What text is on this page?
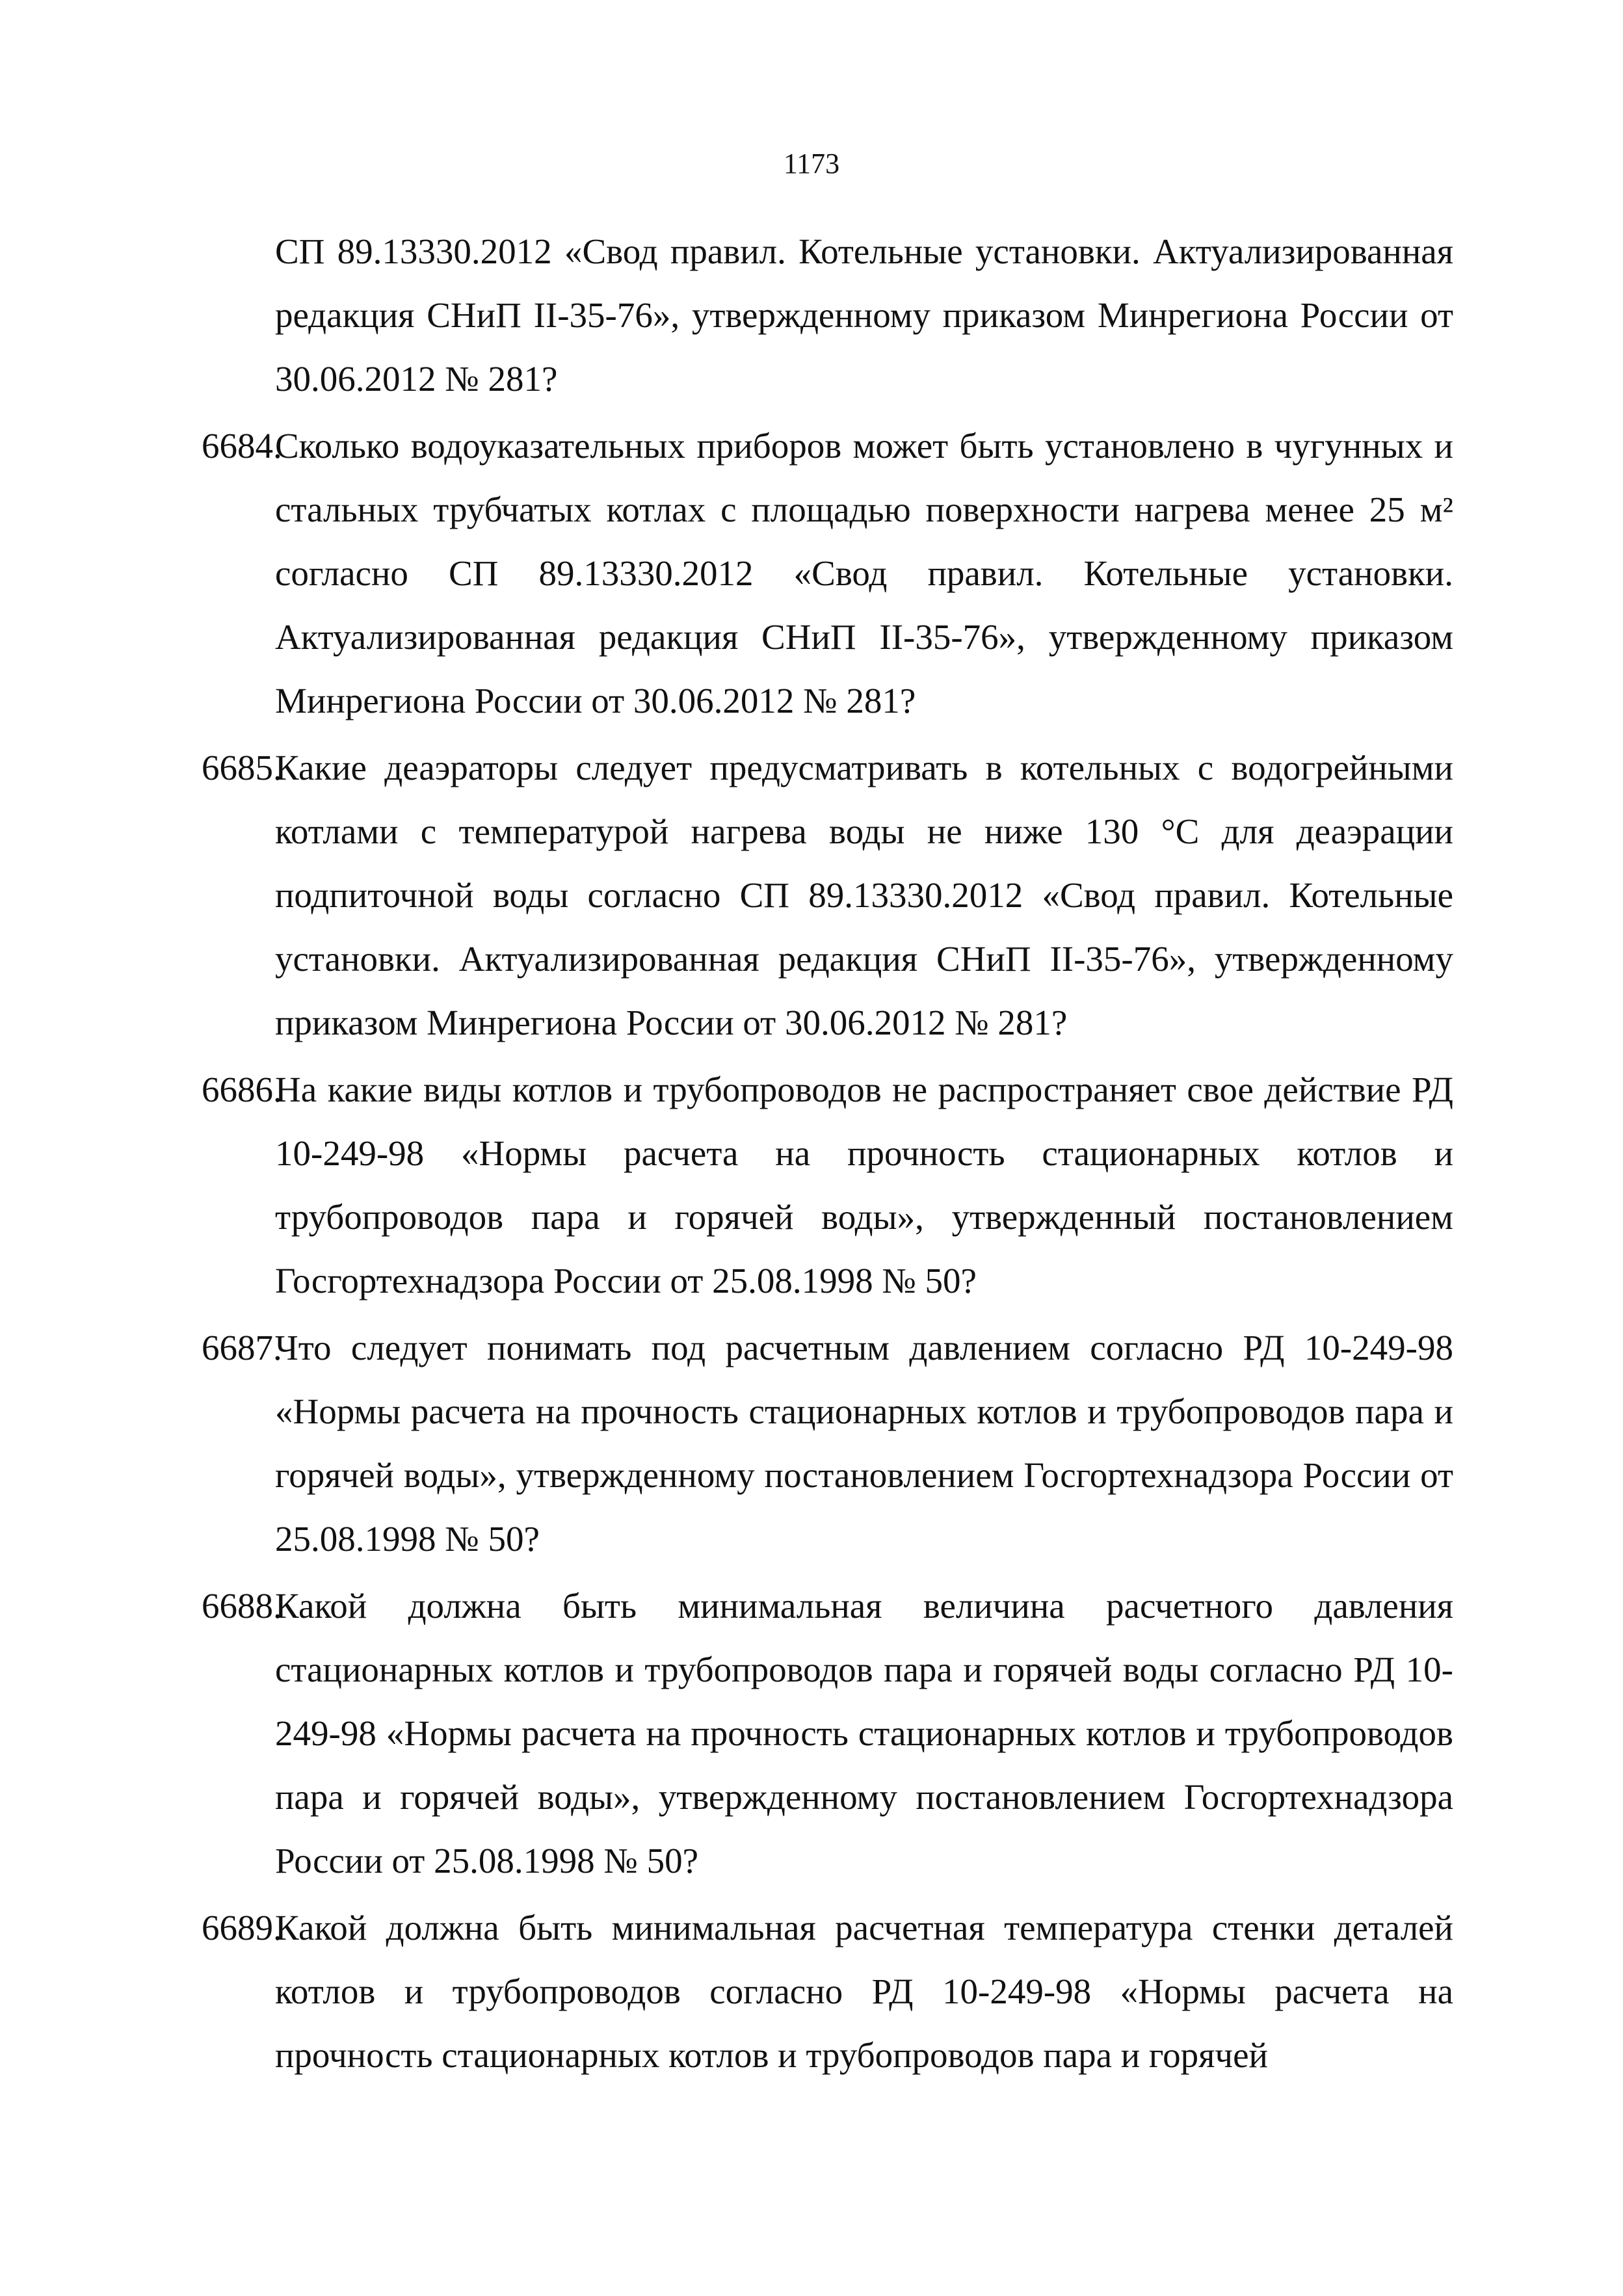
1173

СП 89.13330.2012 «Свод правил. Котельные установки. Актуализированная редакция СНиП II-35-76», утвержденному приказом Минрегиона России от 30.06.2012 № 281?

6684.
Сколько водоуказательных приборов может быть установлено в чугунных и стальных трубчатых котлах с площадью поверхности нагрева менее 25 м² согласно СП 89.13330.2012 «Свод правил. Котельные установки. Актуализированная редакция СНиП II-35-76», утвержденному приказом Минрегиона России от 30.06.2012 № 281?

6685.
Какие деаэраторы следует предусматривать в котельных с водогрейными котлами с температурой нагрева воды не ниже 130 °С для деаэрации подпиточной воды согласно СП 89.13330.2012 «Свод правил. Котельные установки. Актуализированная редакция СНиП II-35-76», утвержденному приказом Минрегиона России от 30.06.2012 № 281?

6686.
На какие виды котлов и трубопроводов не распространяет свое действие РД 10-249-98 «Нормы расчета на прочность стационарных котлов и трубопроводов пара и горячей воды», утвержденный постановлением Госгортехнадзора России от 25.08.1998 № 50?

6687.
Что следует понимать под расчетным давлением согласно РД 10-249-98 «Нормы расчета на прочность стационарных котлов и трубопроводов пара и горячей воды», утвержденному постановлением Госгортехнадзора России от 25.08.1998 № 50?

6688.
Какой должна быть минимальная величина расчетного давления стационарных котлов и трубопроводов пара и горячей воды согласно РД 10-249-98 «Нормы расчета на прочность стационарных котлов и трубопроводов пара и горячей воды», утвержденному постановлением Госгортехнадзора России от 25.08.1998 № 50?

6689.
Какой должна быть минимальная расчетная температура стенки деталей котлов и трубопроводов согласно РД 10-249-98 «Нормы расчета на прочность стационарных котлов и трубопроводов пара и горячей
